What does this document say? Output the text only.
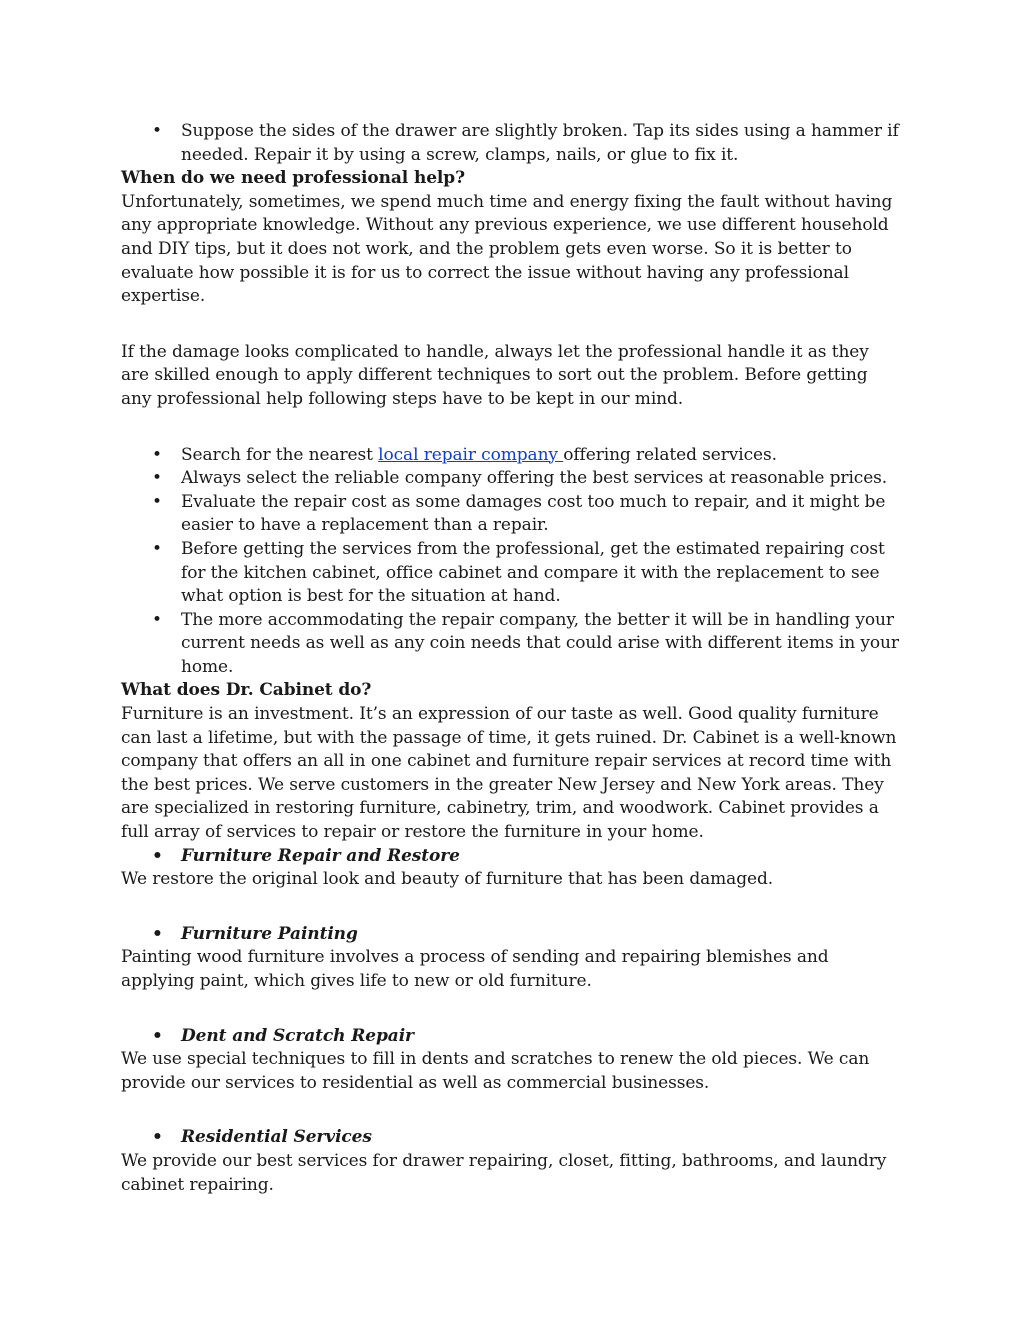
• Suppose the sides of the drawer are slightly broken. Tap its sides using a hammer if needed. Repair it by using a screw, clamps, nails, or glue to fix it.
When do we need professional help?

Unfortunately, sometimes, we spend much time and energy fixing the fault without having any appropriate knowledge. Without any previous experience, we use different household and DIY tips, but it does not work, and the problem gets even worse. So it is better to evaluate how possible it is for us to correct the issue without having any professional expertise.

If the damage looks complicated to handle, always let the professional handle it as they are skilled enough to apply different techniques to sort out the problem. Before getting any professional help following steps have to be kept in our mind.

• Search for the nearest local repair company offering related services.
• Always select the reliable company offering the best services at reasonable prices.
• Evaluate the repair cost as some damages cost too much to repair, and it might be easier to have a replacement than a repair.
• Before getting the services from the professional, get the estimated repairing cost for the kitchen cabinet, office cabinet and compare it with the replacement to see what option is best for the situation at hand.
• The more accommodating the repair company, the better it will be in handling your current needs as well as any coin needs that could arise with different items in your home.
What does Dr. Cabinet do?

Furniture is an investment. It’s an expression of our taste as well. Good quality furniture can last a lifetime, but with the passage of time, it gets ruined. Dr. Cabinet is a well-known company that offers an all in one cabinet and furniture repair services at record time with the best prices. We serve customers in the greater New Jersey and New York areas. They are specialized in restoring furniture, cabinetry, trim, and woodwork. Cabinet provides a full array of services to repair or restore the furniture in your home.

• Furniture Repair and Restore

We restore the original look and beauty of furniture that has been damaged.

• Furniture Painting

Painting wood furniture involves a process of sending and repairing blemishes and applying paint, which gives life to new or old furniture.

• Dent and Scratch Repair

We use special techniques to fill in dents and scratches to renew the old pieces. We can provide our services to residential as well as commercial businesses.

• Residential Services

We provide our best services for drawer repairing, closet, fitting, bathrooms, and laundry cabinet repairing.
